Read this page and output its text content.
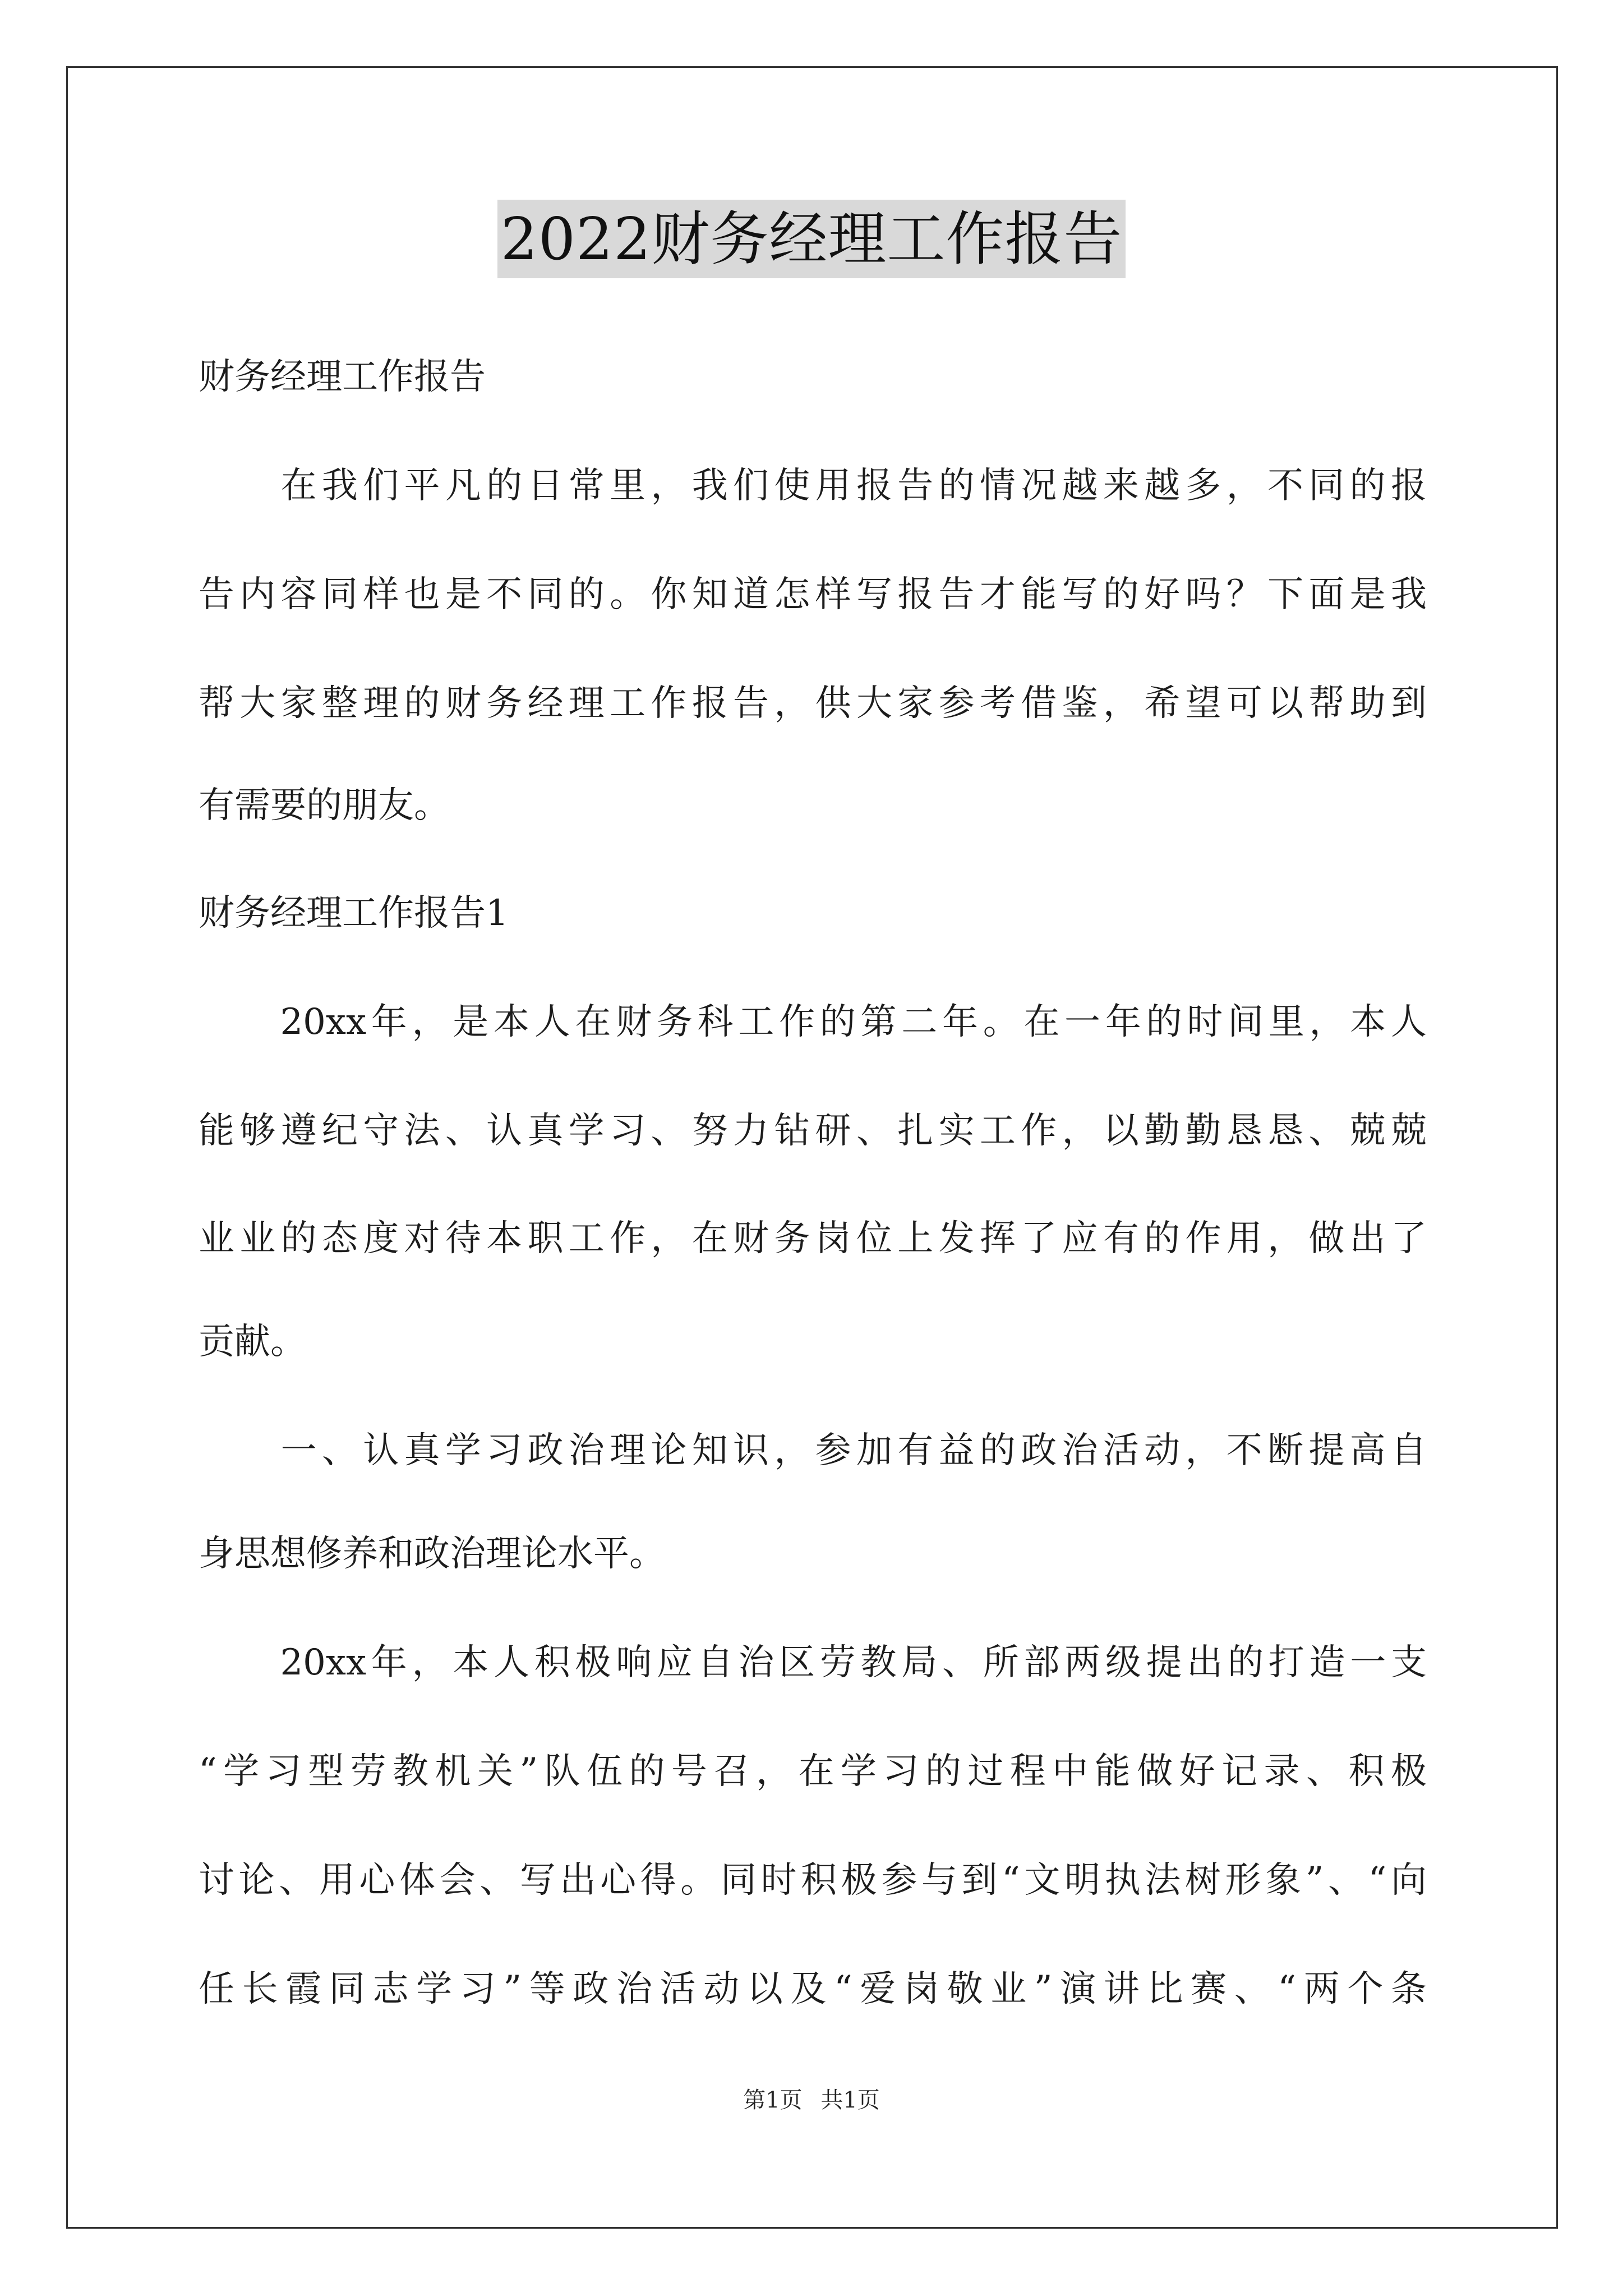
2022财务经理工作报告
财务经理工作报告
　　在我们平凡的日常里，我们使用报告的情况越来越多，不同的报
告内容同样也是不同的。你知道怎样写报告才能写的好吗？下面是我
帮大家整理的财务经理工作报告，供大家参考借鉴，希望可以帮助到
有需要的朋友。
财务经理工作报告1
　　20xx年，是本人在财务科工作的第二年。在一年的时间里，本人
能够遵纪守法、认真学习、努力钻研、扎实工作，以勤勤恳恳、兢兢
业业的态度对待本职工作，在财务岗位上发挥了应有的作用，做出了
贡献。
　　一、认真学习政治理论知识，参加有益的政治活动，不断提高自
身思想修养和政治理论水平。
　　20xx年，本人积极响应自治区劳教局、所部两级提出的打造一支
“学习型劳教机关”队伍的号召，在学习的过程中能做好记录、积极
讨论、用心体会、写出心得。同时积极参与到“文明执法树形象”、“向
任长霞同志学习”等政治活动以及“爱岗敬业”演讲比赛、“两个条
第1页 共1页
